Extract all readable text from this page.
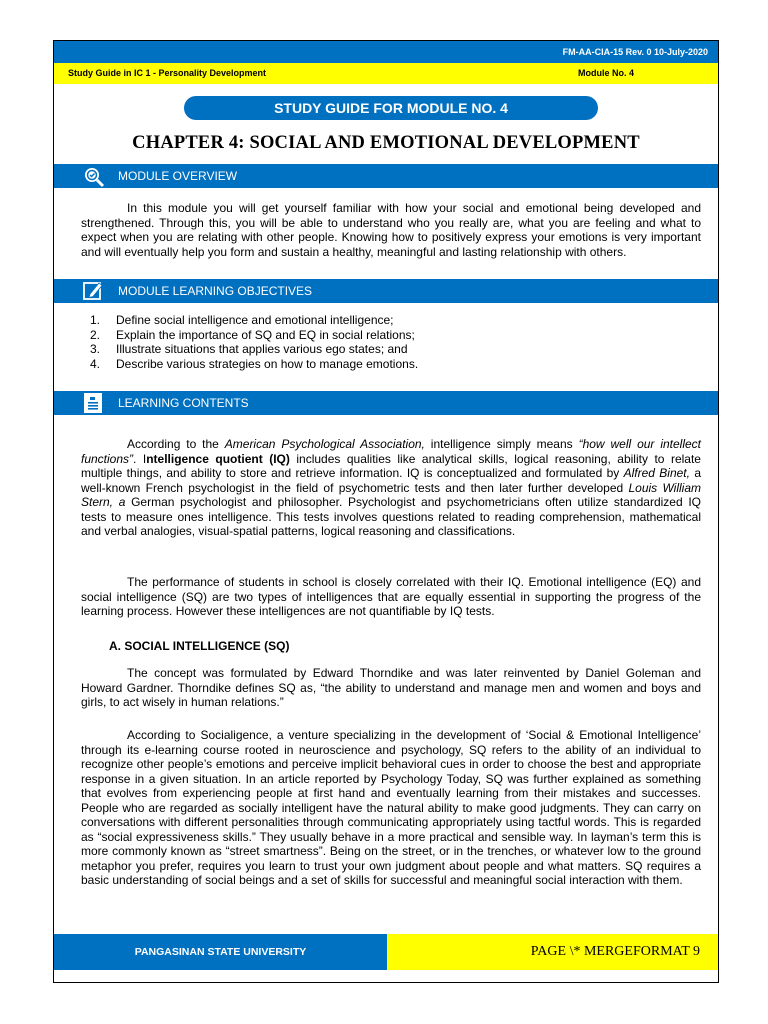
FM-AA-CIA-15 Rev. 0 10-July-2020
Study Guide in IC 1 - Personality Development	Module No. 4
STUDY GUIDE FOR MODULE NO. 4
CHAPTER 4: SOCIAL AND EMOTIONAL DEVELOPMENT
MODULE OVERVIEW
In this module you will get yourself familiar with how your social and emotional being developed and strengthened. Through this, you will be able to understand who you really are, what you are feeling and what to expect when you are relating with other people. Knowing how to positively express your emotions is very important and will eventually help you form and sustain a healthy, meaningful and lasting relationship with others.
MODULE LEARNING OBJECTIVES
1. Define social intelligence and emotional intelligence;
2. Explain the importance of SQ and EQ in social relations;
3. Illustrate situations that applies various ego states; and
4. Describe various strategies on how to manage emotions.
LEARNING CONTENTS
According to the American Psychological Association, intelligence simply means “how well our intellect functions”. Intelligence quotient (IQ) includes qualities like analytical skills, logical reasoning, ability to relate multiple things, and ability to store and retrieve information. IQ is conceptualized and formulated by Alfred Binet, a well-known French psychologist in the field of psychometric tests and then later further developed Louis William Stern, a German psychologist and philosopher. Psychologist and psychometricians often utilize standardized IQ tests to measure ones intelligence. This tests involves questions related to reading comprehension, mathematical and verbal analogies, visual-spatial patterns, logical reasoning and classifications.
The performance of students in school is closely correlated with their IQ. Emotional intelligence (EQ) and social intelligence (SQ) are two types of intelligences that are equally essential in supporting the progress of the learning process. However these intelligences are not quantifiable by IQ tests.
A. SOCIAL INTELLIGENCE (SQ)
The concept was formulated by Edward Thorndike and was later reinvented by Daniel Goleman and Howard Gardner. Thorndike defines SQ as, “the ability to understand and manage men and women and boys and girls, to act wisely in human relations.”
According to Socialigence, a venture specializing in the development of ‘Social & Emotional Intelligence’ through its e-learning course rooted in neuroscience and psychology, SQ refers to the ability of an individual to recognize other people’s emotions and perceive implicit behavioral cues in order to choose the best and appropriate response in a given situation. In an article reported by Psychology Today, SQ was further explained as something that evolves from experiencing people at first hand and eventually learning from their mistakes and successes. People who are regarded as socially intelligent have the natural ability to make good judgments. They can carry on conversations with different personalities through communicating appropriately using tactful words. This is regarded as “social expressiveness skills.” They usually behave in a more practical and sensible way. In layman’s term this is more commonly known as “street smartness”. Being on the street, or in the trenches, or whatever low to the ground metaphor you prefer, requires you learn to trust your own judgment about people and what matters. SQ requires a basic understanding of social beings and a set of skills for successful and meaningful social interaction with them.
PANGASINAN STATE UNIVERSITY	PAGE \* MERGEFORMAT 9
